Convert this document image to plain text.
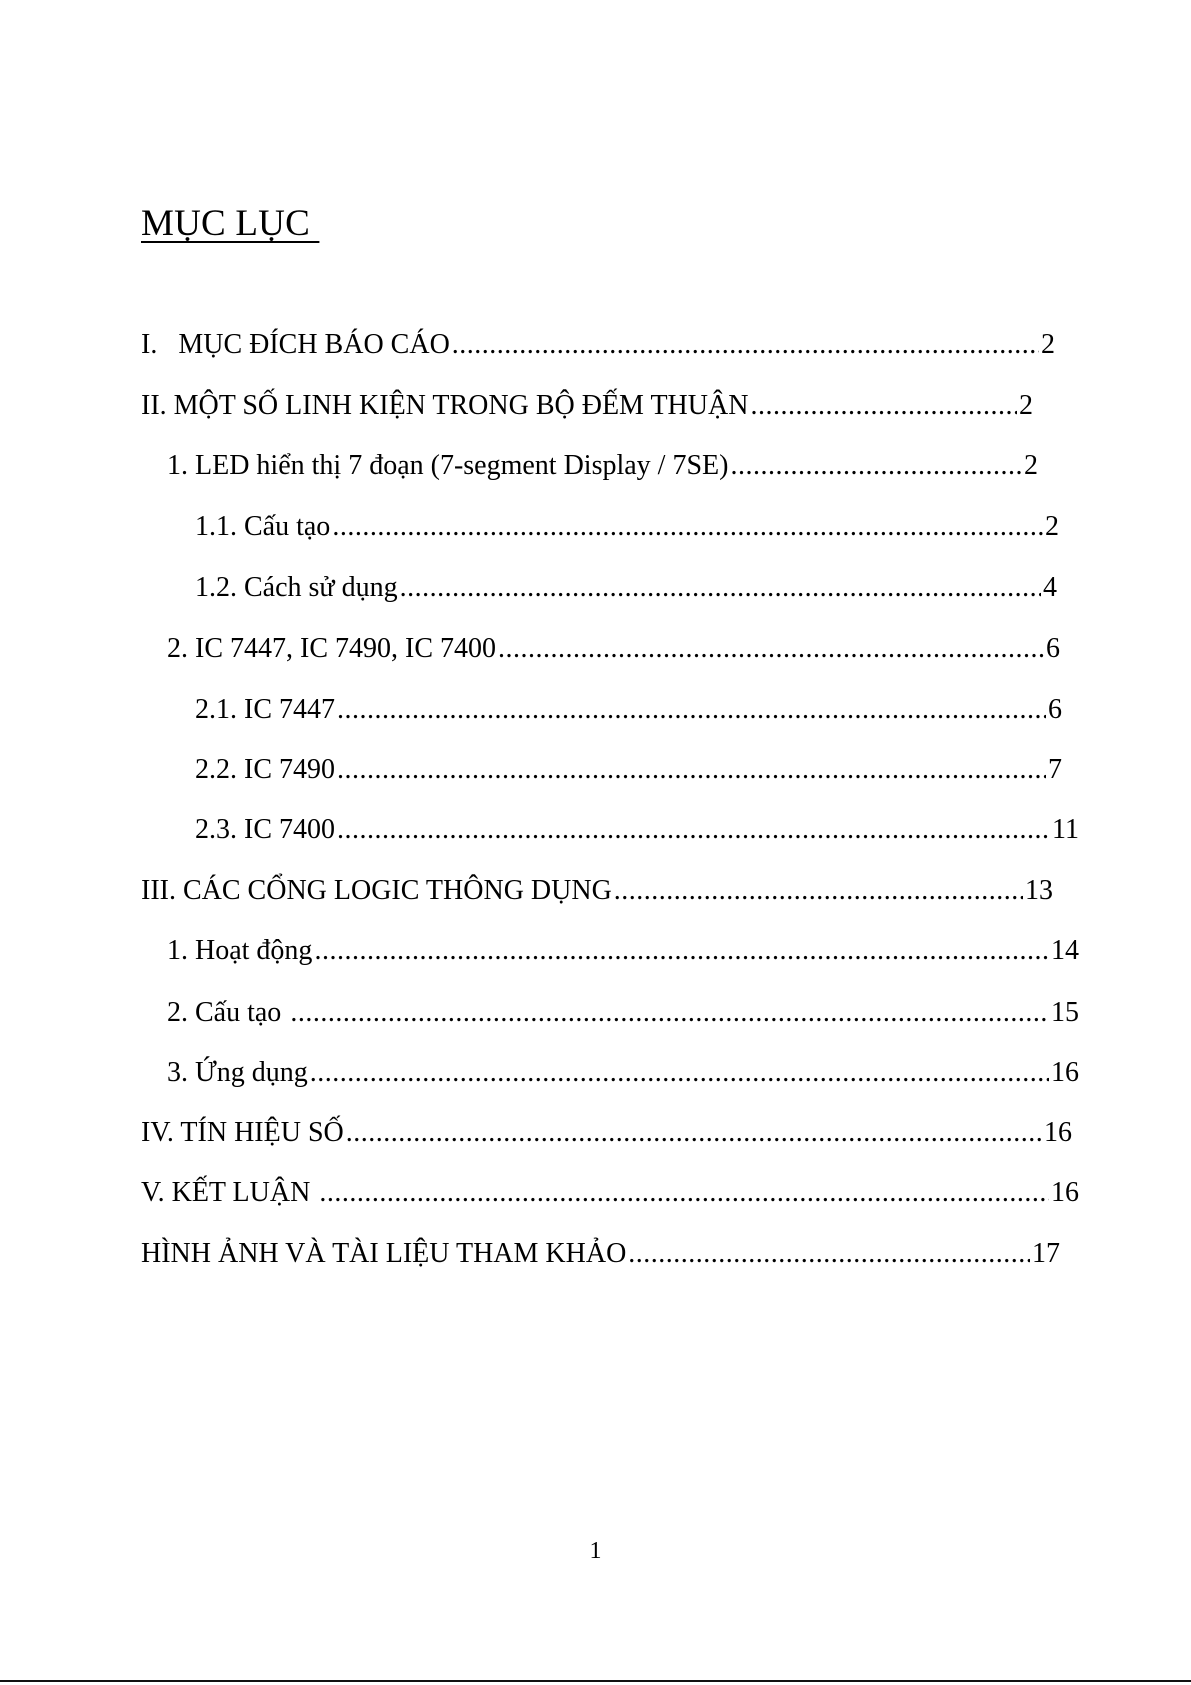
MỤC LỤC
I.   MỤC ĐÍCH BÁO CÁO .....	2
II. MỘT SỐ LINH KIỆN TRONG BỘ ĐẾM THUẬN .....	2
1. LED hiển thị 7 đoạn (7-segment Display / 7SE) .....	2
1.1. Cấu tạo .....	2
1.2. Cách sử dụng .....	4
2. IC 7447, IC 7490, IC 7400 .....	6
2.1. IC 7447 .....	6
2.2. IC 7490 .....	7
2.3. IC 7400 .....	11
III. CÁC CỔNG LOGIC THÔNG DỤNG .....	13
1. Hoạt động .....	14
2. Cấu tạo .....	15
3. Ứng dụng .....	16
IV. TÍN HIỆU SỐ .....	16
V. KẾT LUẬN .....	16
HÌNH ẢNH VÀ TÀI LIỆU THAM KHẢO .....	17
1
